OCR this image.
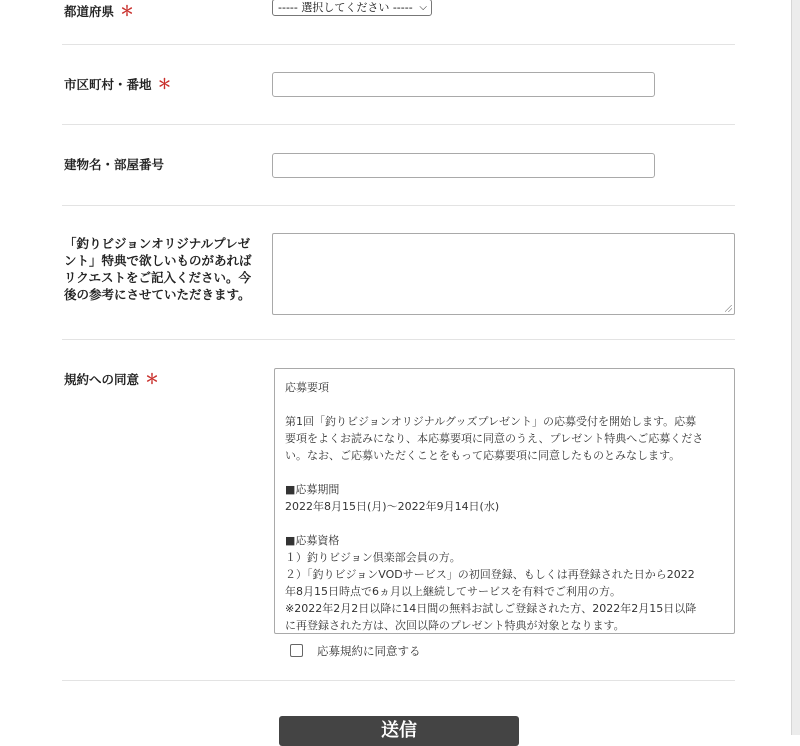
都道府県 ＊	----- 選択してください ----- ⌵
市区町村・番地 ＊
建物名・部屋番号
「釣りビジョンオリジナルプレゼ
ント」特典で欲しいものがあれば
リクエストをご記入ください。今
後の参考にさせていただきます。
規約への同意 ＊	応募要項

第1回「釣りビジョンオリジナルグッズプレゼント」の応募受付を開始します。応募

要項をよくお読みになり、本応募要項に同意のうえ、プレゼント特典へご応募くださ

い。なお、ご応募いただくことをもって応募要項に同意したものとみなします。

■応募期間

2022年8月15日(月)〜2022年9月14日(水)

■応募資格

１）釣りビジョン倶楽部会員の方。

２）「釣りビジョンVODサービス」の初回登録、もしくは再登録された日から2022

年8月15日時点で6ヵ月以上継続してサービスを有料でご利用の方。

※2022年2月2日以降に14日間の無料お試しご登録された方、2022年2月15日以降

に再登録された方は、次回以降のプレゼント特典が対象となります。

応募規約に同意する
送信
